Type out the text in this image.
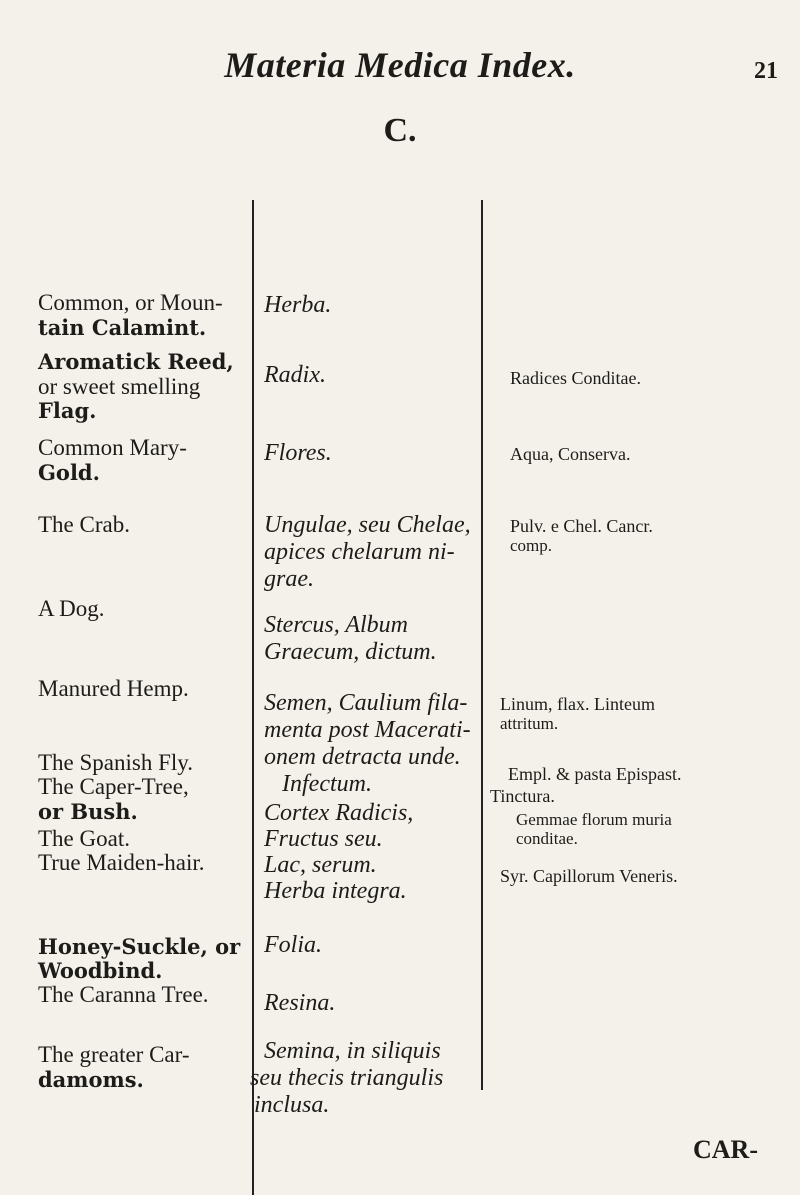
Materia Medica Index.	21
C.
Common, or Moun-
tain Calamint.
Aromatick Reed,
or sweet smelling
Flag.
Common Mary-
Gold.
The Crab.
A Dog.
Manured Hemp.
The Spanish Fly.
The Caper-Tree,
or Bush.
The Goat.
True Maiden-hair.
Honey-Suckle, or
Woodbind.
The Caranna Tree.
The greater Car-
damoms.
Herba.
Radix.
Flores.
Ungulae, seu Chelae,
apices chelarum ni-
grae.
Stercus, Album
Graecum, dictum.
Semen, Caulium fila-
menta post Macerati-
onem detracta unde.
Infectum.
Cortex Radicis,
Fructus seu.
Lac, serum.
Herba integra.
Folia.
Resina.
Semina, in siliquis
seu thecis triangulis
inclusa.
Radices Conditae.
Aqua, Conserva.
Pulv. e Chel. Cancr.
comp.
Linum, flax. Linteum
attritum.
Empl. & pasta Epispast.
Tinctura.
Gemmae florum muria
conditae.
Syr. Capillorum Veneris.
CAR-
